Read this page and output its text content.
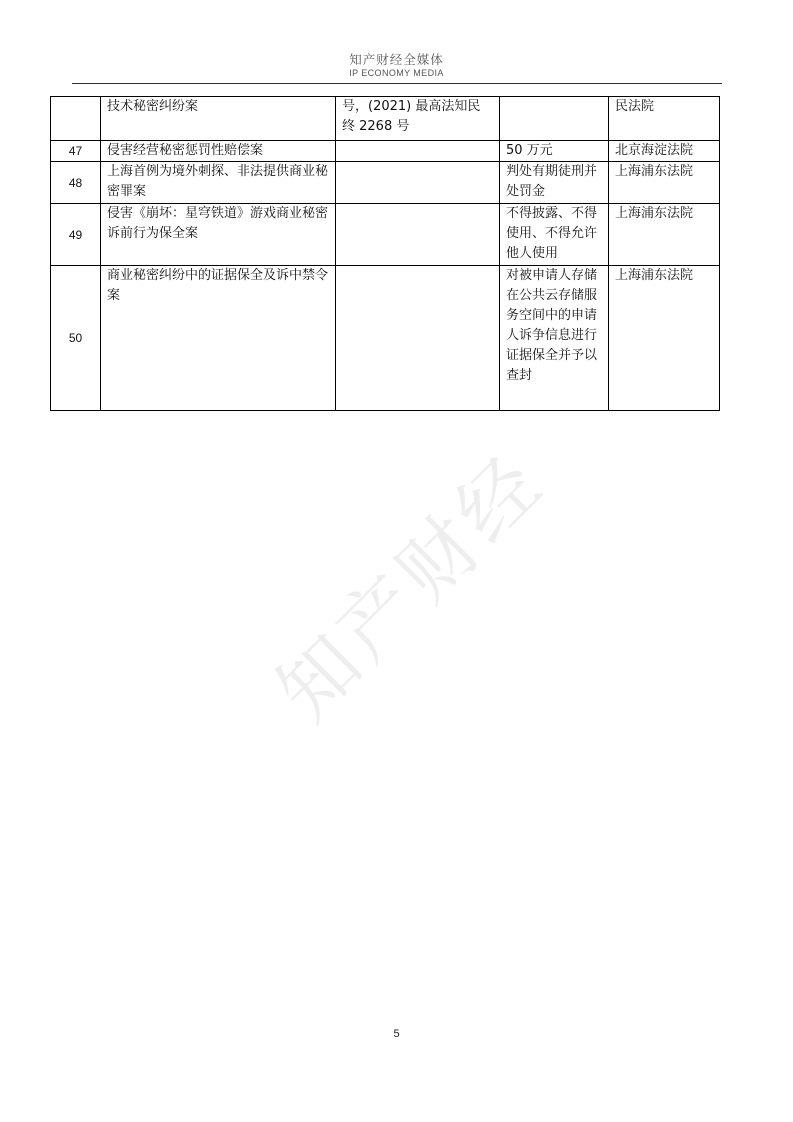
知产财经全媒体
IP ECONOMY MEDIA
	技术秘密纠纷案	号，(2021) 最高法知民终 2268 号		民法院
47	侵害经营秘密惩罚性赔偿案		50 万元	北京海淀法院
48	上海首例为境外刺探、非法提供商业秘密罪案		判处有期徒刑并处罚金	上海浦东法院
49	侵害《崩坏：星穹铁道》游戏商业秘密诉前行为保全案		不得披露、不得使用、不得允许他人使用	上海浦东法院
50	商业秘密纠纷中的证据保全及诉中禁令案		对被申请人存储在公共云存储服务空间中的申请人诉争信息进行证据保全并予以查封	上海浦东法院
知产财经
5
